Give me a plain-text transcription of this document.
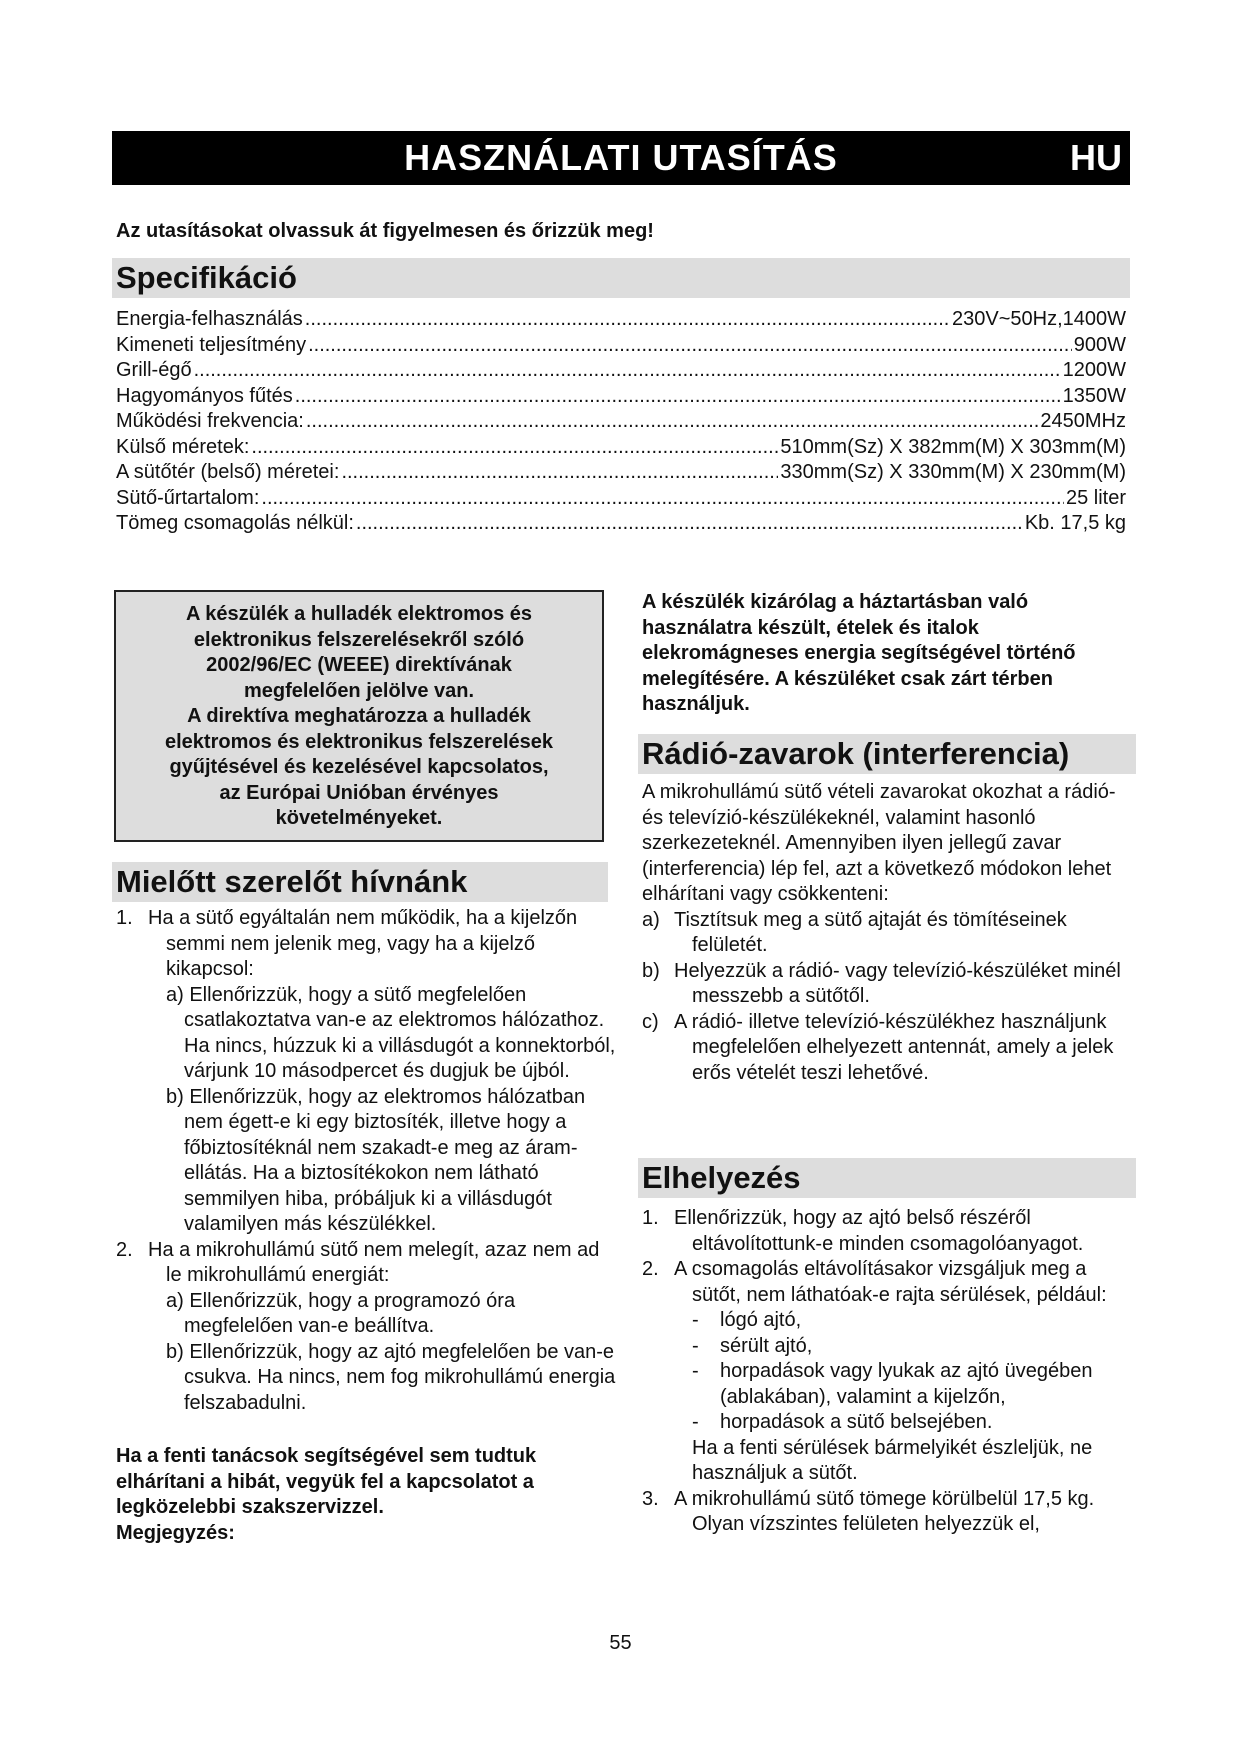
HASZNÁLATI UTASÍTÁS	HU
Az utasításokat olvassuk át figyelmesen és őrizzük meg!
Specifikáció
Energia-felhasználás .....	230V~50Hz,1400W
Kimeneti teljesítmény .....	900W
Grill-égő .....	1200W
Hagyományos fűtés .....	1350W
Működési frekvencia: .....	2450MHz
Külső méretek: .....	510mm(Sz) X 382mm(M) X 303mm(M)
A sütőtér (belső) méretei: .....	330mm(Sz) X 330mm(M) X 230mm(M)
Sütő-űrtartalom: .....	25 liter
Tömeg csomagolás nélkül: .....	Kb. 17,5 kg
A készülék a hulladék elektromos és
elektronikus felszerelésekről szóló
2002/96/EC (WEEE) direktívának
megfelelően jelölve van.
A direktíva meghatározza a hulladék
elektromos és elektronikus felszerelések
gyűjtésével és kezelésével kapcsolatos,
az Európai Unióban érvényes
követelményeket.
Mielőtt szerelőt hívnánk
1. Ha a sütő egyáltalán nem működik, ha a kijelzőn semmi nem jelenik meg, vagy ha a kijelző kikapcsol:
a) Ellenőrizzük, hogy a sütő megfelelően csatlakoztatva van-e az elektromos hálózathoz. Ha nincs, húzzuk ki a villásdugót a konnektorból, várjunk 10 másodpercet és dugjuk be újból.
b) Ellenőrizzük, hogy az elektromos hálózatban nem égett-e ki egy biztosíték, illetve hogy a főbiztosítéknál nem szakadt-e meg az áram-ellátás. Ha a biztosítékokon nem látható semmilyen hiba, próbáljuk ki a villásdugót valamilyen más készülékkel.
2. Ha a mikrohullámú sütő nem melegít, azaz nem ad le mikrohullámú energiát:
a) Ellenőrizzük, hogy a programozó óra megfelelően van-e beállítva.
b) Ellenőrizzük, hogy az ajtó megfelelően be van-e csukva. Ha nincs, nem fog mikrohullámú energia felszabadulni.
Ha a fenti tanácsok segítségével sem tudtuk elhárítani a hibát, vegyük fel a kapcsolatot a legközelebbi szakszervizzel.
Megjegyzés:
A készülék kizárólag a háztartásban való használatra készült, ételek és italok elekromágneses energia segítségével történő melegítésére. A készüléket csak zárt térben használjuk.
Rádió-zavarok (interferencia)
A mikrohullámú sütő vételi zavarokat okozhat a rádió- és televízió-készülékeknél, valamint hasonló szerkezeteknél. Amennyiben ilyen jellegű zavar (interferencia) lép fel, azt a következő módokon lehet elhárítani vagy csökkenteni:
a) Tisztítsuk meg a sütő ajtaját és tömítéseinek felületét.
b) Helyezzük a rádió- vagy televízió-készüléket minél messzebb a sütőtől.
c) A rádió- illetve televízió-készülékhez használjunk megfelelően elhelyezett antennát, amely a jelek erős vételét teszi lehetővé.
Elhelyezés
1. Ellenőrizzük, hogy az ajtó belső részéről eltávolítottunk-e minden csomagolóanyagot.
2. A csomagolás eltávolításakor vizsgáljuk meg a sütőt, nem láthatóak-e rajta sérülések, például:
- lógó ajtó,
- sérült ajtó,
- horpadások vagy lyukak az ajtó üvegében (ablakában), valamint a kijelzőn,
- horpadások a sütő belsejében.
Ha a fenti sérülések bármelyikét észleljük, ne használjuk a sütőt.
3. A mikrohullámú sütő tömege körülbelül 17,5 kg. Olyan vízszintes felületen helyezzük el,
55
